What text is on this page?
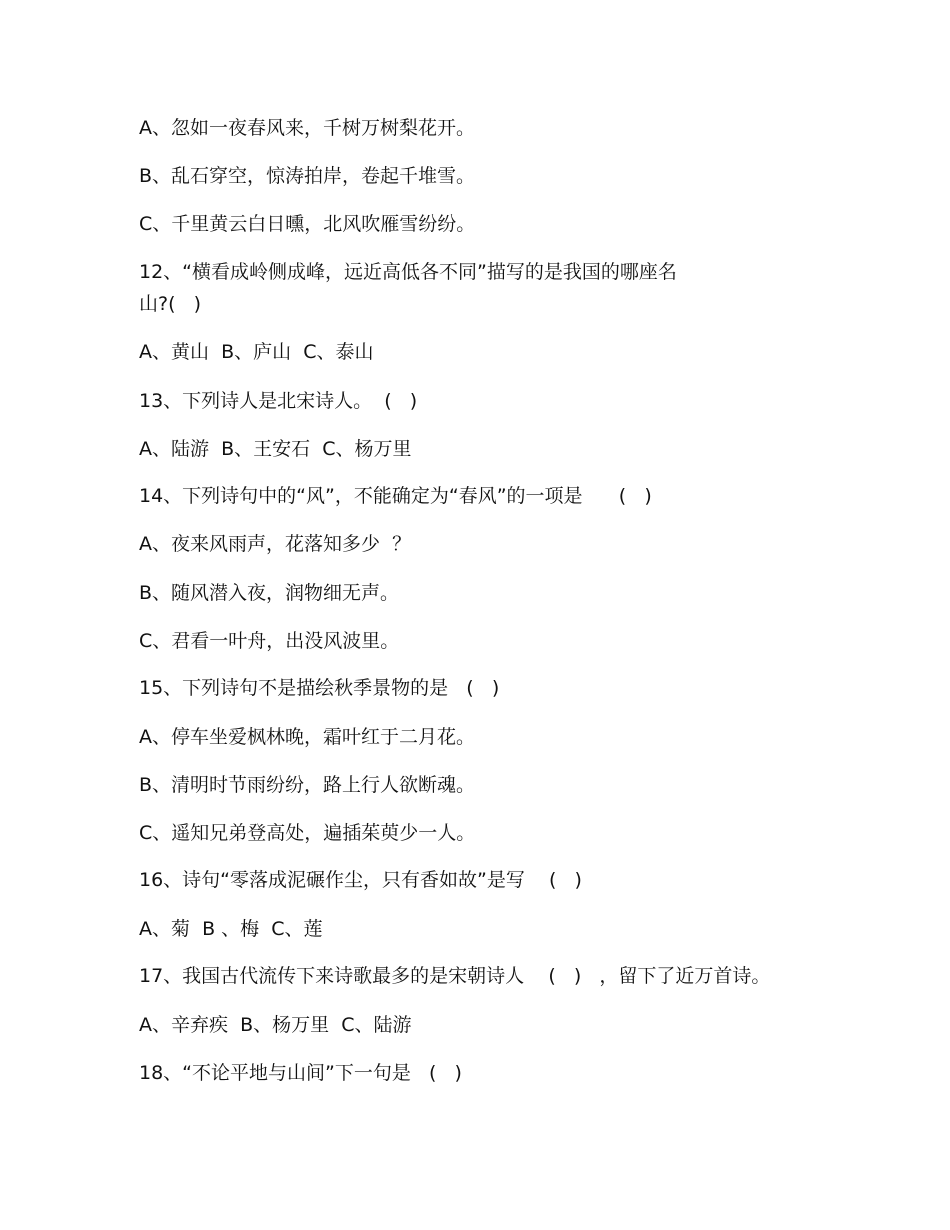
A、忽如一夜春风来，千树万树梨花开。

B、乱石穿空，惊涛拍岸，卷起千堆雪。

C、千里黄云白日曛，北风吹雁雪纷纷。

12、“横看成岭侧成峰，远近高低各不同”描写的是我国的哪座名

山?(   )

A、黄山  B、庐山  C、泰山

13、下列诗人是北宋诗人。  (   )

A、陆游  B、王安石  C、杨万里

14、下列诗句中的“风”，不能确定为“春风”的一项是      (   )

A、夜来风雨声，花落知多少  ？

B、随风潜入夜，润物细无声。

C、君看一叶舟，出没风波里。

15、下列诗句不是描绘秋季景物的是   (   )

A、停车坐爱枫林晚，霜叶红于二月花。

B、清明时节雨纷纷，路上行人欲断魂。

C、遥知兄弟登高处，遍插茱萸少一人。

16、诗句“零落成泥碾作尘，只有香如故”是写    (   )

A、菊  B 、梅  C、莲

17、我国古代流传下来诗歌最多的是宋朝诗人    (   )   ，留下了近万首诗。

A、辛弃疾  B、杨万里  C、陆游

18、“不论平地与山间”下一句是   (   )
